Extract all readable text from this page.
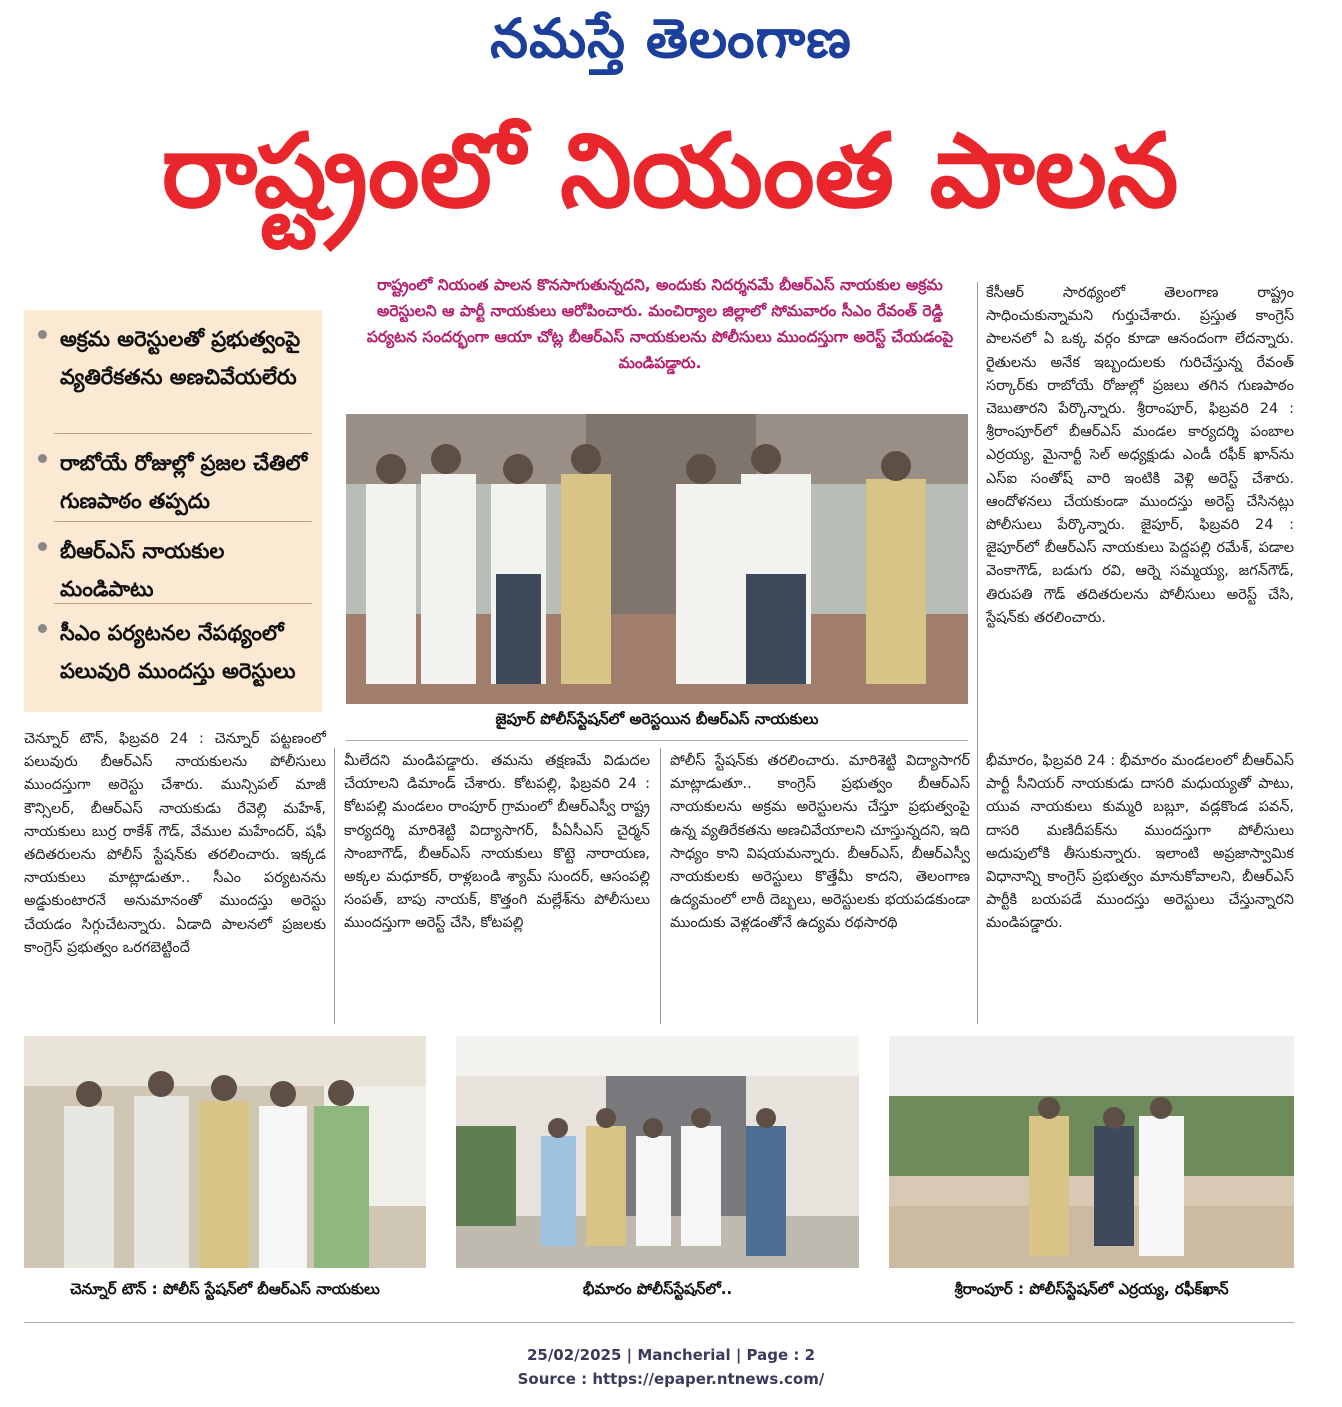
నమస్తే తెలంగాణ
రాష్ట్రంలో నియంత పాలన
అక్రమ అరెస్టులతో ప్రభుత్వంపై వ్యతిరేకతను అణచివేయలేరు
రాబోయే రోజుల్లో ప్రజల చేతిలో గుణపాఠం తప్పదు
బీఆర్ఎస్ నాయకుల మండిపాటు
సీఎం పర్యటనల నేపథ్యంలో పలువురి ముందస్తు అరెస్టులు
రాష్ట్రంలో నియంత పాలన కొనసాగుతున్నదని, అందుకు నిదర్శనమే బీఆర్ఎస్ నాయకుల అక్రమ అరెస్టులని ఆ పార్టీ నాయకులు ఆరోపించారు. మంచిర్యాల జిల్లాలో సోమవారం సీఎం రేవంత్ రెడ్డి పర్యటన సందర్భంగా ఆయా చోట్ల బీఆర్ఎస్ నాయకులను పోలీసులు ముందస్తుగా అరెస్ట్ చేయడంపై మండిపడ్డారు.
జైపూర్ పోలీస్‌స్టేషన్‌లో అరెస్టయిన బీఆర్ఎస్ నాయకులు
కేసీఆర్ సారథ్యంలో తెలంగాణ రాష్ట్రం సాధించుకున్నామని గుర్తుచేశారు. ప్రస్తుత కాంగ్రెస్ పాలనలో ఏ ఒక్క వర్గం కూడా ఆనందంగా లేదన్నారు. రైతులను అనేక ఇబ్బందులకు గురిచేస్తున్న రేవంత్ సర్కార్‌కు రాబోయే రోజుల్లో ప్రజలు తగిన గుణపాఠం చెబుతారని పేర్కొన్నారు. శ్రీరాంపూర్, ఫిబ్రవరి 24 : శ్రీరాంపూర్‌లో బీఆర్ఎస్ మండల కార్యదర్శి పంబాల ఎర్రయ్య, మైనార్టీ సెల్ అధ్యక్షుడు ఎండీ రఫీక్ ఖాన్‌ను ఎస్ఐ సంతోష్ వారి ఇంటికి వెళ్లి అరెస్ట్ చేశారు. ఆందోళనలు చేయకుండా ముందస్తు అరెస్ట్ చేసినట్లు పోలీసులు పేర్కొన్నారు. జైపూర్, ఫిబ్రవరి 24 : జైపూర్‌లో బీఆర్ఎస్ నాయకులు పెద్దపల్లి రమేశ్, పడాల వెంకాగౌడ్, బడుగు రవి, ఆర్నె సమ్మయ్య, జగన్‌గౌడ్, తిరుపతి గౌడ్ తదితరులను పోలీసులు అరెస్ట్ చేసి, స్టేషన్‌కు తరలించారు.
చెన్నూర్ టౌన్, ఫిబ్రవరి 24 : చెన్నూర్ పట్టణంలో పలువురు బీఆర్ఎస్ నాయకులను పోలీసులు ముందస్తుగా అరెస్టు చేశారు. మున్సిపల్ మాజీ కౌన్సిలర్, బీఆర్ఎస్ నాయకుడు రేవెల్లి మహేశ్, నాయకులు బుర్ర రాకేశ్ గౌడ్, వేముల మహేందర్, షఫీ తదితరులను పోలీస్ స్టేషన్‌కు తరలించారు. ఇక్కడ నాయకులు మాట్లాడుతూ.. సీఎం పర్యటనను అడ్డుకుంటారనే అనుమానంతో ముందస్తు అరెస్టు చేయడం సిగ్గుచేటన్నారు. ఏడాది పాలనలో ప్రజలకు కాంగ్రెస్ ప్రభుత్వం ఒరగబెట్టిందే
మీలేదని మండిపడ్డారు. తమను తక్షణమే విడుదల చేయాలని డిమాండ్ చేశారు. కోటపల్లి, ఫిబ్రవరి 24 : కోటపల్లి మండలం రాంపూర్ గ్రామంలో బీఆర్ఎస్వీ రాష్ట్ర కార్యదర్శి మారిశెట్టి విద్యాసాగర్, పీఏసీఎస్ చైర్మన్ సాంబాగౌడ్, బీఆర్ఎస్ నాయకులు కొట్టె నారాయణ, అక్కల మధూకర్, రాళ్లబండి శ్యామ్ సుందర్, ఆసంపల్లి సంపత్, బాపు నాయక్, కొత్తంగి మల్లేశ్‌ను పోలీసులు ముందస్తుగా అరెస్ట్ చేసి, కోటపల్లి
పోలీస్ స్టేషన్‌కు తరలించారు. మారిశెట్టి విద్యాసాగర్ మాట్లాడుతూ.. కాంగ్రెస్ ప్రభుత్వం బీఆర్ఎస్ నాయకులను అక్రమ అరెస్టులను చేస్తూ ప్రభుత్వంపై ఉన్న వ్యతిరేకతను అణచివేయాలని చూస్తున్నదని, ఇది సాధ్యం కాని విషయమన్నారు. బీఆర్ఎస్, బీఆర్ఎస్వీ నాయకులకు అరెస్టులు కొత్తేమీ కాదని, తెలంగాణ ఉద్యమంలో లాఠీ దెబ్బలు, అరెస్టులకు భయపడకుండా ముందుకు వెళ్లడంతోనే ఉద్యమ రథసారథి
భీమారం, ఫిబ్రవరి 24 : భీమారం మండలంలో బీఆర్ఎస్ పార్టీ సీనియర్ నాయకుడు దాసరి మధుయ్యతో పాటు, యువ నాయకులు కుమ్మరి బబ్లూ, వడ్లకొండ పవన్, దాసరి మణిదీపక్‌ను ముందస్తుగా పోలీసులు అదుపులోకి తీసుకున్నారు. ఇలాంటి అప్రజాస్వామిక విధానాన్ని కాంగ్రెస్ ప్రభుత్వం మానుకోవాలని, బీఆర్ఎస్ పార్టీకి బయపడే ముందస్తు అరెస్టులు చేస్తున్నారని మండిపడ్డారు.
చెన్నూర్ టౌన్ : పోలీస్ స్టేషన్‌లో బీఆర్ఎస్ నాయకులు	భీమారం పోలీస్‌స్టేషన్‌లో..	శ్రీరాంపూర్ : పోలీస్‌స్టేషన్‌లో ఎర్రయ్య, రఫీక్‌ఖాన్
25/02/2025 | Mancherial | Page : 2
Source : https://epaper.ntnews.com/
